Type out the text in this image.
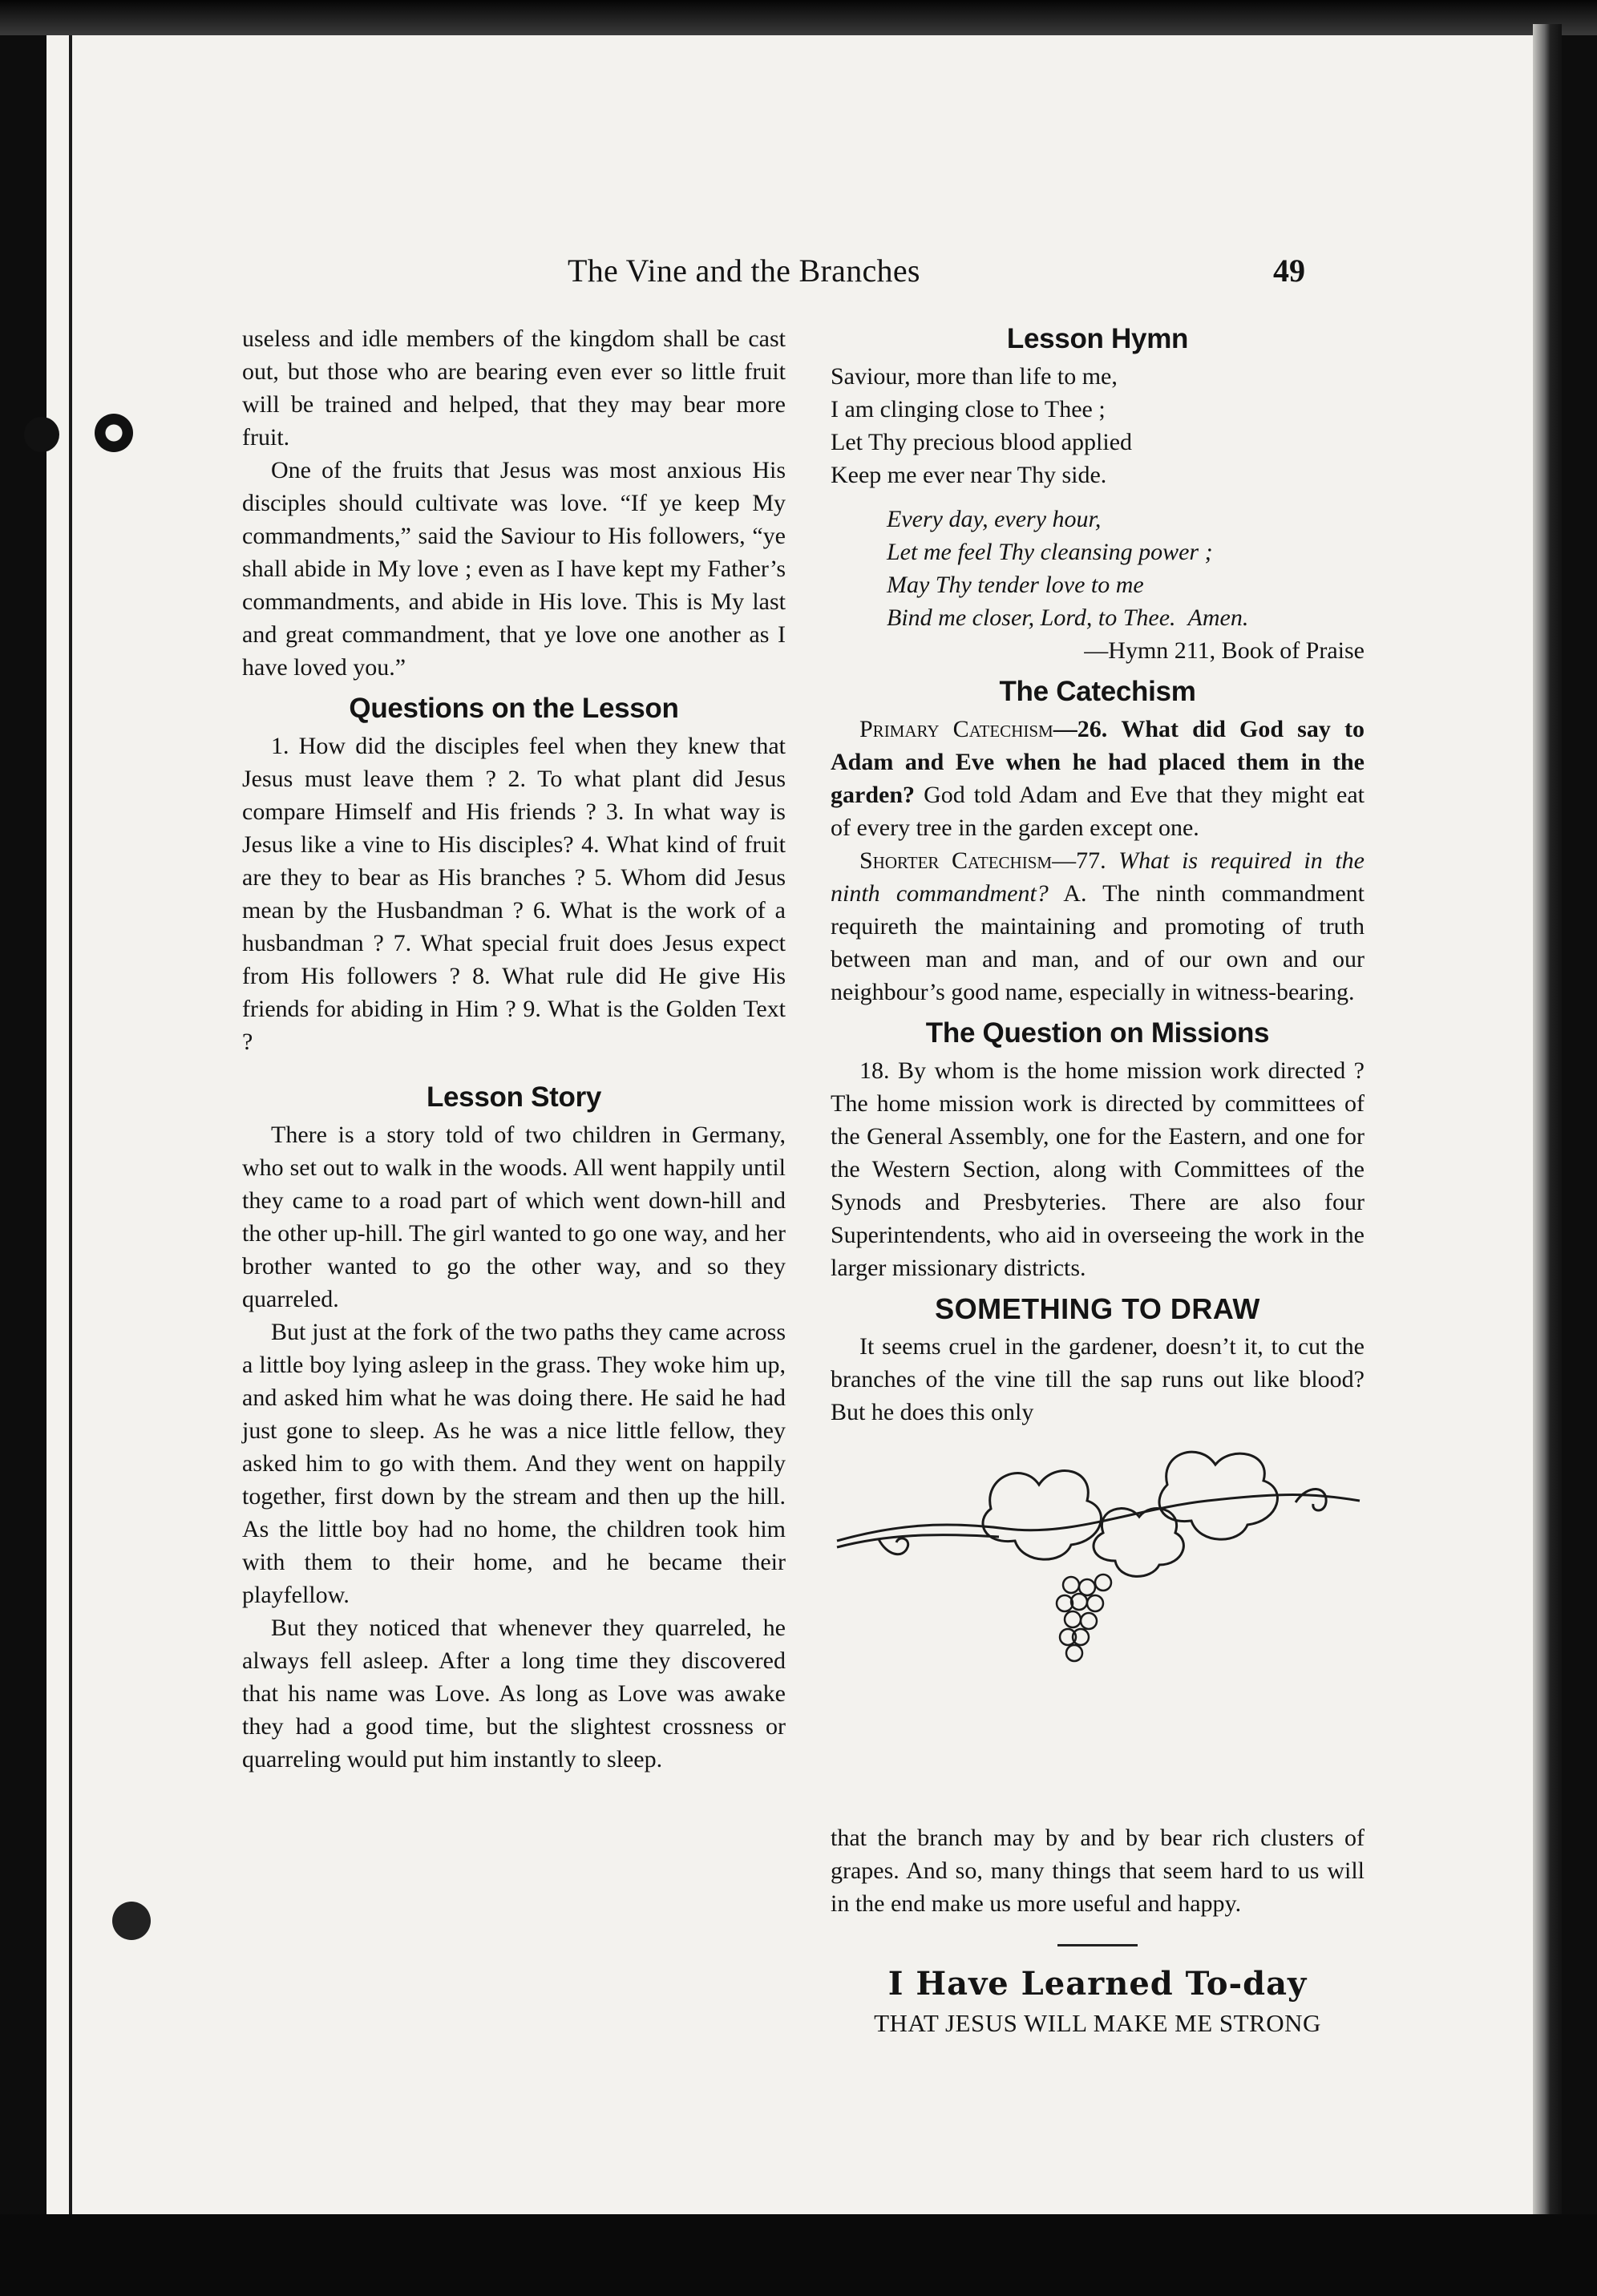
The Vine and the Branches	49

useless and idle members of the kingdom shall be cast out, but those who are bearing even ever so little fruit will be trained and helped, that they may bear more fruit.

One of the fruits that Jesus was most anxious His disciples should cultivate was love. “If ye keep My commandments,” said the Saviour to His followers, “ye shall abide in My love ; even as I have kept my Father’s commandments, and abide in His love. This is My last and great commandment, that ye love one another as I have loved you.”

Questions on the Lesson

1. How did the disciples feel when they knew that Jesus must leave them ? 2. To what plant did Jesus compare Himself and His friends ? 3. In what way is Jesus like a vine to His disciples? 4. What kind of fruit are they to bear as His branches ? 5. Whom did Jesus mean by the Husbandman ? 6. What is the work of a husbandman ? 7. What special fruit does Jesus expect from His followers ? 8. What rule did He give His friends for abiding in Him ? 9. What is the Golden Text ?

Lesson Story

There is a story told of two children in Germany, who set out to walk in the woods. All went happily until they came to a road part of which went down-hill and the other up-hill. The girl wanted to go one way, and her brother wanted to go the other way, and so they quarreled.

But just at the fork of the two paths they came across a little boy lying asleep in the grass. They woke him up, and asked him what he was doing there. He said he had just gone to sleep. As he was a nice little fellow, they asked him to go with them. And they went on happily together, first down by the stream and then up the hill. As the little boy had no home, the children took him with them to their home, and he became their playfellow.

But they noticed that whenever they quarreled, he always fell asleep. After a long time they discovered that his name was Love. As long as Love was awake they had a good time, but the slightest crossness or quarreling would put him instantly to sleep.

Lesson Hymn
Saviour, more than life to me,
I am clinging close to Thee ;
Let Thy precious blood applied
Keep me ever near Thy side.
Every day, every hour,
Let me feel Thy cleansing power ;
May Thy tender love to me
Bind me closer, Lord, to Thee. Amen.
—Hymn 211, Book of Praise
The Catechism

Primary Catechism—26. What did God say to Adam and Eve when he had placed them in the garden? God told Adam and Eve that they might eat of every tree in the garden except one.

Shorter Catechism—77. What is required in the ninth commandment? A. The ninth commandment requireth the maintaining and promoting of truth between man and man, and of our own and our neighbour’s good name, especially in witness-bearing.

The Question on Missions

18. By whom is the home mission work directed ? The home mission work is directed by committees of the General Assembly, one for the Eastern, and one for the Western Section, along with Committees of the Synods and Presbyteries. There are also four Superintendents, who aid in overseeing the work in the larger missionary districts.

SOMETHING TO DRAW

It seems cruel in the gardener, doesn’t it, to cut the branches of the vine till the sap runs out like blood? But he does this only

that the branch may by and by bear rich clusters of grapes. And so, many things that seem hard to us will in the end make us more useful and happy.

I Have Learned To-day
THAT JESUS WILL MAKE ME STRONG
